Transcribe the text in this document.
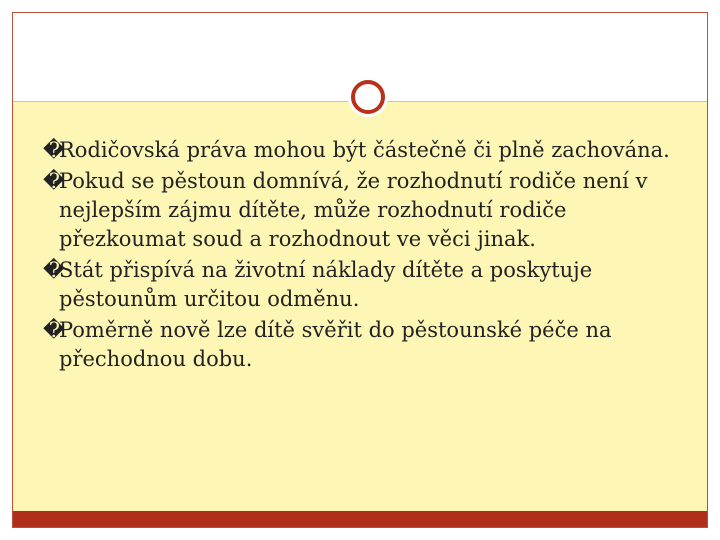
�
Rodičovská práva mohou být částečně či plně zachována.
�
Pokud se pěstoun domnívá, že rozhodnutí rodiče není v nejlepším zájmu dítěte, může rozhodnutí rodiče přezkoumat soud a rozhodnout ve věci jinak.
�
Stát přispívá na životní náklady dítěte a poskytuje pěstounům určitou odměnu.
�
Poměrně nově lze dítě svěřit do pěstounské péče na přechodnou dobu.
